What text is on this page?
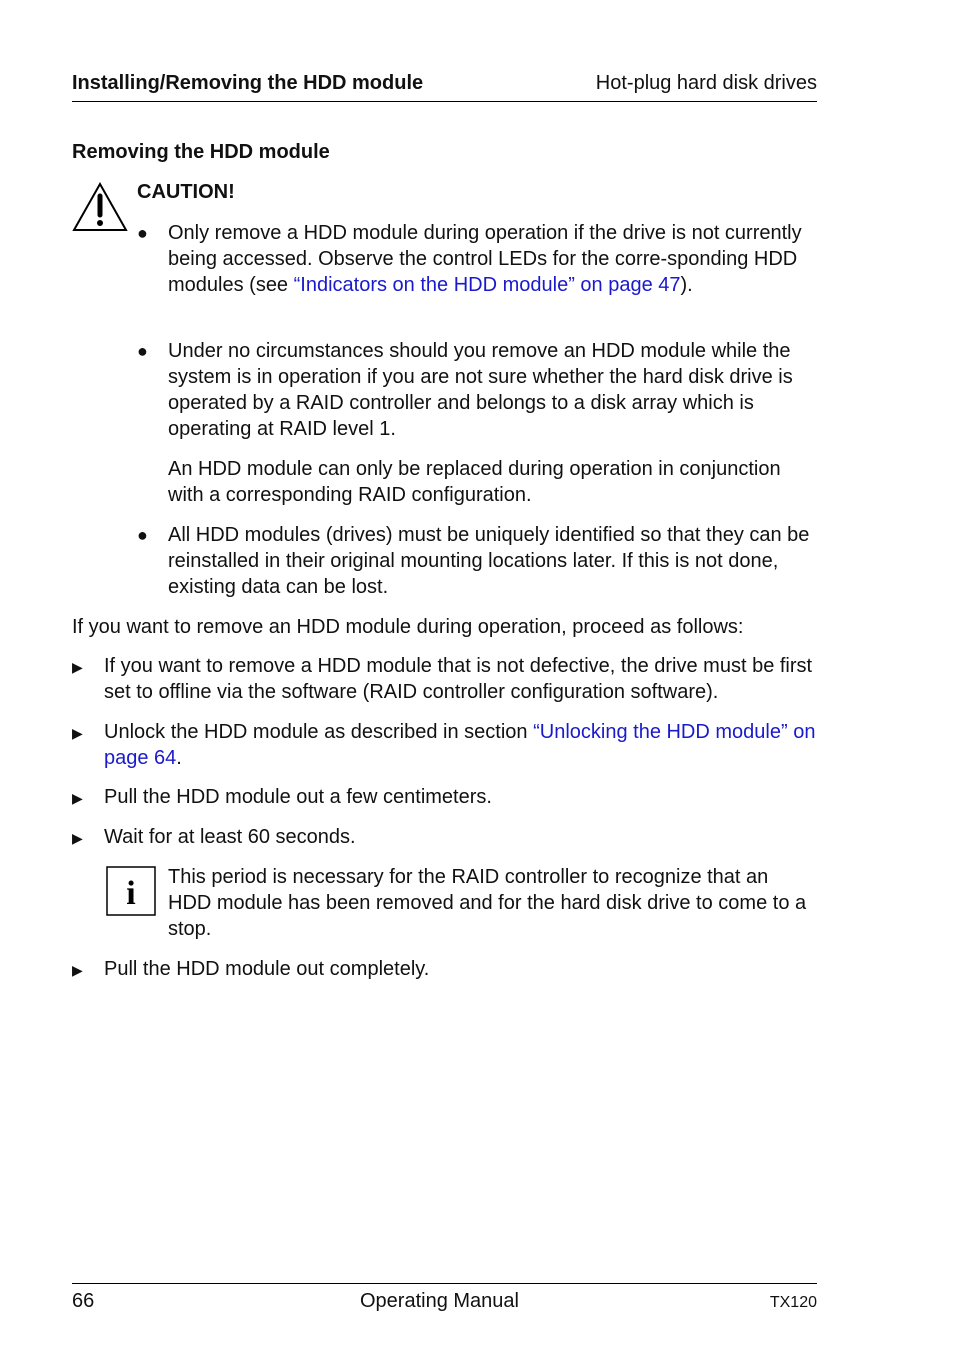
Installing/Removing the HDD module	Hot-plug hard disk drives
Removing the HDD module
CAUTION!
● Only remove a HDD module during operation if the drive is not currently being accessed. Observe the control LEDs for the corre-sponding HDD modules (see “Indicators on the HDD module” on page 47).
● Under no circumstances should you remove an HDD module while the system is in operation if you are not sure whether the hard disk drive is operated by a RAID controller and belongs to a disk array which is operating at RAID level 1.
An HDD module can only be replaced during operation in conjunction with a corresponding RAID configuration.
● All HDD modules (drives) must be uniquely identified so that they can be reinstalled in their original mounting locations later. If this is not done, existing data can be lost.
If you want to remove an HDD module during operation, proceed as follows:
▶ If you want to remove a HDD module that is not defective, the drive must be first set to offline via the software (RAID controller configuration software).
▶ Unlock the HDD module as described in section “Unlocking the HDD module” on page 64.
▶ Pull the HDD module out a few centimeters.
▶ Wait for at least 60 seconds.
i This period is necessary for the RAID controller to recognize that an HDD module has been removed and for the hard disk drive to come to a stop.
▶ Pull the HDD module out completely.
66	Operating Manual	TX120
